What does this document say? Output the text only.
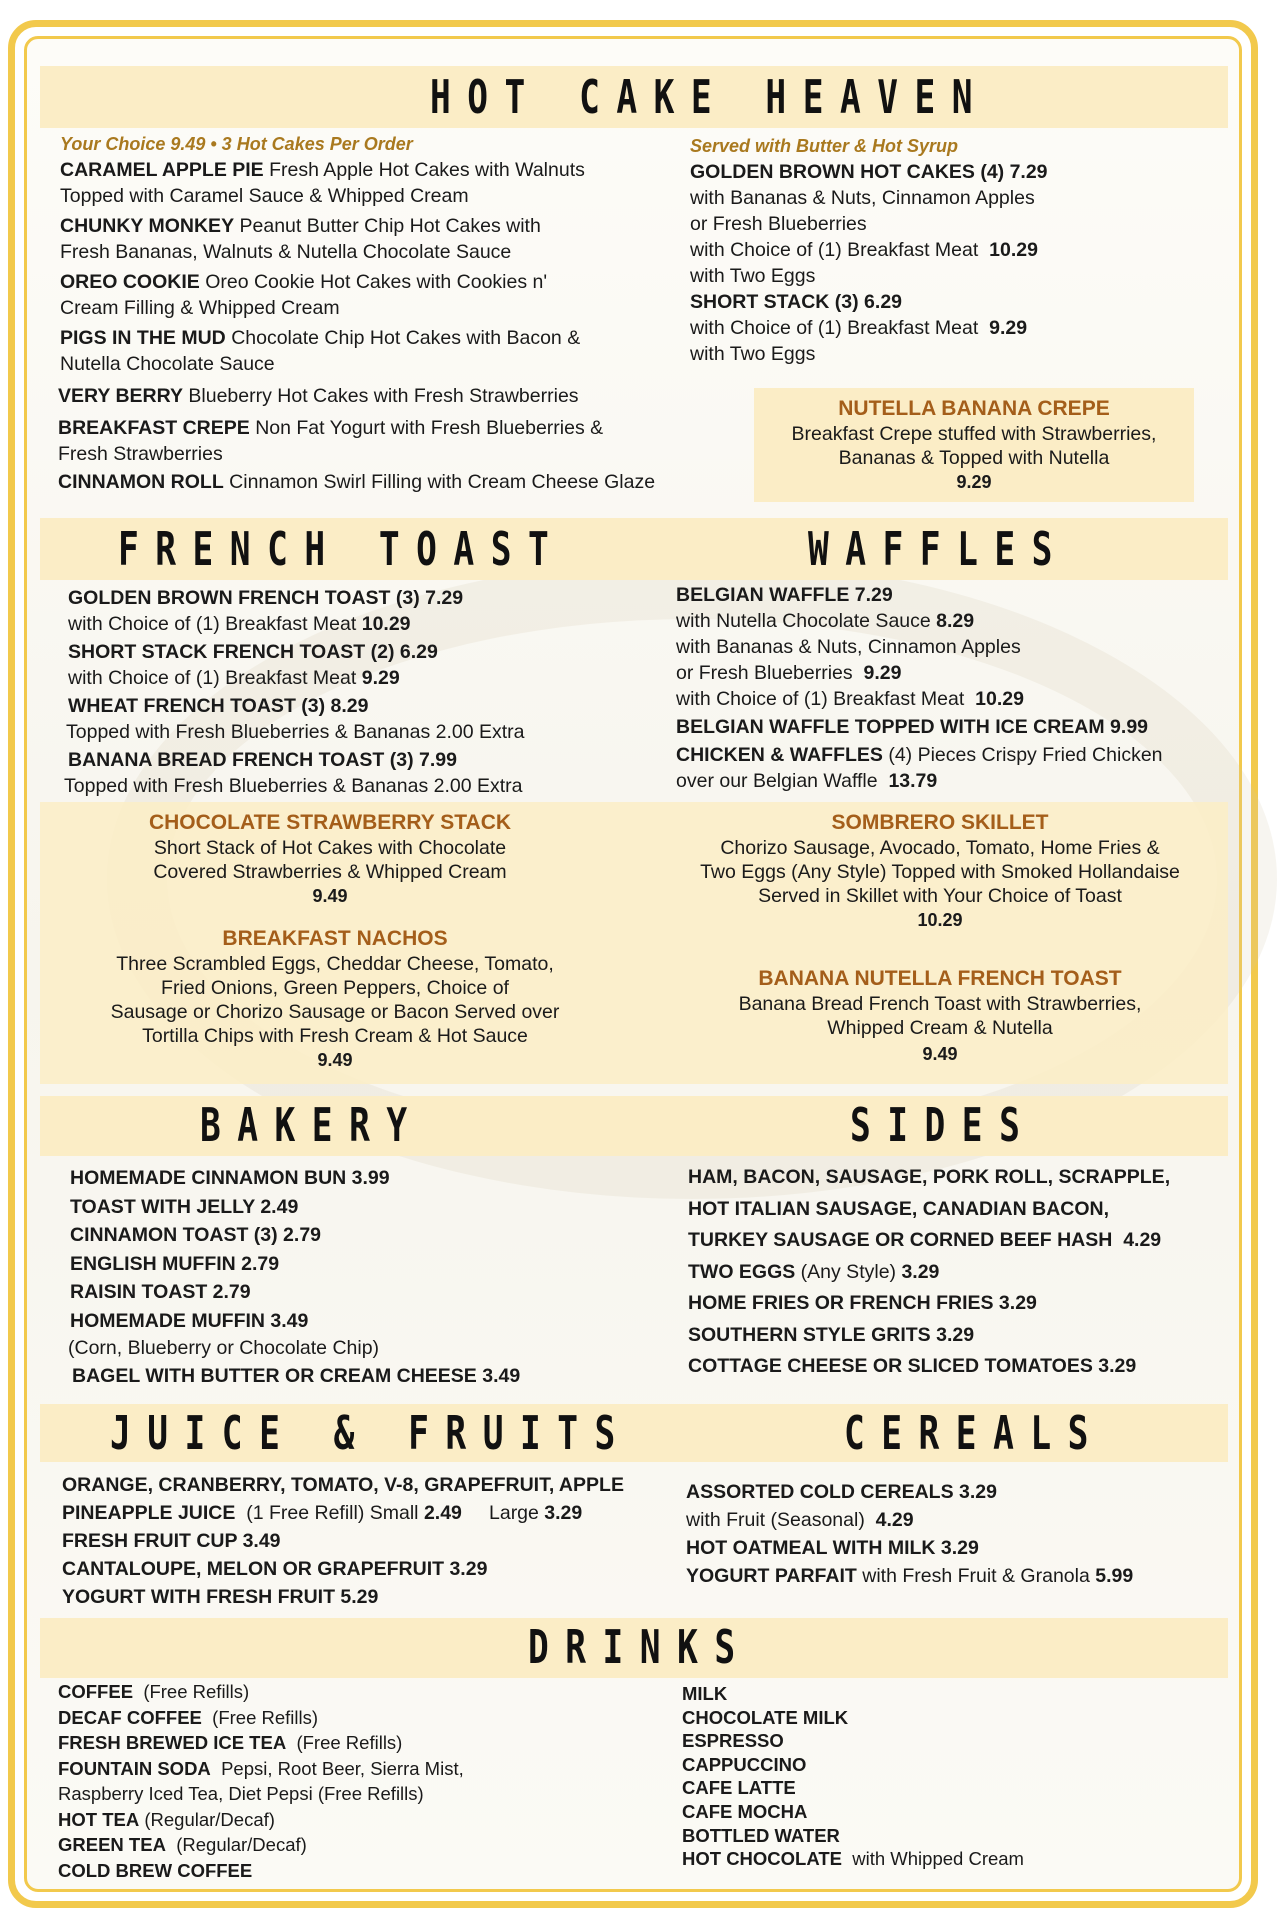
HOT CAKE HEAVEN
FRENCH TOAST	WAFFLES
BAKERY	SIDES
JUICE & FRUITS	CEREALS
DRINKS
Your Choice 9.49 • 3 Hot Cakes Per Order
CARAMEL APPLE PIE Fresh Apple Hot Cakes with Walnuts
Topped with Caramel Sauce & Whipped Cream
CHUNKY MONKEY Peanut Butter Chip Hot Cakes with
Fresh Bananas, Walnuts & Nutella Chocolate Sauce
OREO COOKIE Oreo Cookie Hot Cakes with Cookies n'
Cream Filling & Whipped Cream
PIGS IN THE MUD Chocolate Chip Hot Cakes with Bacon &
Nutella Chocolate Sauce
VERY BERRY Blueberry Hot Cakes with Fresh Strawberries
BREAKFAST CREPE Non Fat Yogurt with Fresh Blueberries &
Fresh Strawberries
CINNAMON ROLL Cinnamon Swirl Filling with Cream Cheese Glaze
Served with Butter & Hot Syrup
GOLDEN BROWN HOT CAKES (4) 7.29
with Bananas & Nuts, Cinnamon Apples
or Fresh Blueberries
with Choice of (1) Breakfast Meat 10.29
with Two Eggs
SHORT STACK (3) 6.29
with Choice of (1) Breakfast Meat 9.29
with Two Eggs
NUTELLA BANANA CREPE
Breakfast Crepe stuffed with Strawberries,
Bananas & Topped with Nutella
9.29
GOLDEN BROWN FRENCH TOAST (3) 7.29
with Choice of (1) Breakfast Meat 10.29
SHORT STACK FRENCH TOAST (2) 6.29
with Choice of (1) Breakfast Meat 9.29
WHEAT FRENCH TOAST (3) 8.29
Topped with Fresh Blueberries & Bananas 2.00 Extra
BANANA BREAD FRENCH TOAST (3) 7.99
Topped with Fresh Blueberries & Bananas 2.00 Extra
BELGIAN WAFFLE 7.29
with Nutella Chocolate Sauce 8.29
with Bananas & Nuts, Cinnamon Apples
or Fresh Blueberries 9.29
with Choice of (1) Breakfast Meat 10.29
BELGIAN WAFFLE TOPPED WITH ICE CREAM 9.99
CHICKEN & WAFFLES (4) Pieces Crispy Fried Chicken
over our Belgian Waffle 13.79
CHOCOLATE STRAWBERRY STACK
Short Stack of Hot Cakes with Chocolate
Covered Strawberries & Whipped Cream
9.49
BREAKFAST NACHOS
Three Scrambled Eggs, Cheddar Cheese, Tomato,
Fried Onions, Green Peppers, Choice of
Sausage or Chorizo Sausage or Bacon Served over
Tortilla Chips with Fresh Cream & Hot Sauce
9.49
SOMBRERO SKILLET
Chorizo Sausage, Avocado, Tomato, Home Fries &
Two Eggs (Any Style) Topped with Smoked Hollandaise
Served in Skillet with Your Choice of Toast
10.29
BANANA NUTELLA FRENCH TOAST
Banana Bread French Toast with Strawberries,
Whipped Cream & Nutella
9.49
HOMEMADE CINNAMON BUN 3.99
TOAST WITH JELLY 2.49
CINNAMON TOAST (3) 2.79
ENGLISH MUFFIN 2.79
RAISIN TOAST 2.79
HOMEMADE MUFFIN 3.49
(Corn, Blueberry or Chocolate Chip)
BAGEL WITH BUTTER OR CREAM CHEESE 3.49
HAM, BACON, SAUSAGE, PORK ROLL, SCRAPPLE,
HOT ITALIAN SAUSAGE, CANADIAN BACON,
TURKEY SAUSAGE OR CORNED BEEF HASH 4.29
TWO EGGS (Any Style) 3.29
HOME FRIES OR FRENCH FRIES 3.29
SOUTHERN STYLE GRITS 3.29
COTTAGE CHEESE OR SLICED TOMATOES 3.29
ORANGE, CRANBERRY, TOMATO, V-8, GRAPEFRUIT, APPLE
PINEAPPLE JUICE (1 Free Refill) Small 2.49 Large 3.29
FRESH FRUIT CUP 3.49
CANTALOUPE, MELON OR GRAPEFRUIT 3.29
YOGURT WITH FRESH FRUIT 5.29
ASSORTED COLD CEREALS 3.29
with Fruit (Seasonal) 4.29
HOT OATMEAL WITH MILK 3.29
YOGURT PARFAIT with Fresh Fruit & Granola 5.99
COFFEE (Free Refills)
DECAF COFFEE (Free Refills)
FRESH BREWED ICE TEA (Free Refills)
FOUNTAIN SODA Pepsi, Root Beer, Sierra Mist,
Raspberry Iced Tea, Diet Pepsi (Free Refills)
HOT TEA (Regular/Decaf)
GREEN TEA (Regular/Decaf)
COLD BREW COFFEE
MILK
CHOCOLATE MILK
ESPRESSO
CAPPUCCINO
CAFE LATTE
CAFE MOCHA
BOTTLED WATER
HOT CHOCOLATE with Whipped Cream
